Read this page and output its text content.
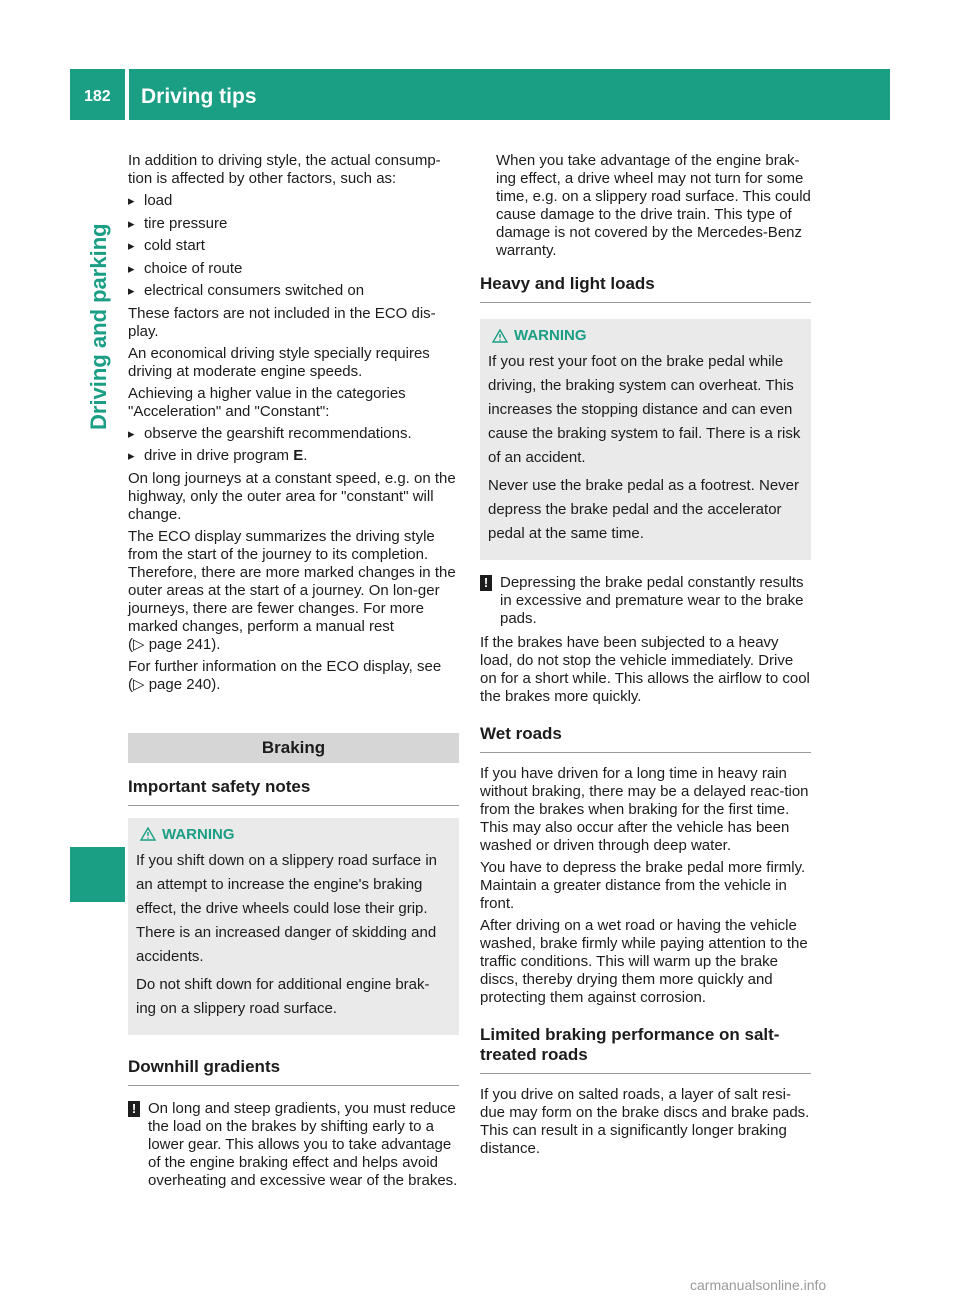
182 Driving tips
Driving and parking

In addition to driving style, the actual consump-tion is affected by other factors, such as:

▸ load
▸ tire pressure
▸ cold start
▸ choice of route
▸ electrical consumers switched on

These factors are not included in the ECO dis-play.

An economical driving style specially requires driving at moderate engine speeds.

Achieving a higher value in the categories "Acceleration" and "Constant":

▸ observe the gearshift recommendations.
▸ drive in drive program E.

On long journeys at a constant speed, e.g. on the highway, only the outer area for "constant" will change.

The ECO display summarizes the driving style from the start of the journey to its completion. Therefore, there are more marked changes in the outer areas at the start of a journey. On lon-ger journeys, there are fewer changes. For more marked changes, perform a manual rest
(▷ page 241).

For further information on the ECO display, see
(▷ page 240).

Braking
Important safety notes
WARNING

If you shift down on a slippery road surface in an attempt to increase the engine's braking effect, the drive wheels could lose their grip. There is an increased danger of skidding and accidents.

Do not shift down for additional engine brak-ing on a slippery road surface.

Downhill gradients
! On long and steep gradients, you must reduce the load on the brakes by shifting early to a lower gear. This allows you to take advantage of the engine braking effect and helps avoid overheating and excessive wear of the brakes.

When you take advantage of the engine brak-ing effect, a drive wheel may not turn for some time, e.g. on a slippery road surface. This could cause damage to the drive train. This type of damage is not covered by the Mercedes-Benz warranty.

Heavy and light loads
WARNING

If you rest your foot on the brake pedal while driving, the braking system can overheat. This increases the stopping distance and can even cause the braking system to fail. There is a risk of an accident.

Never use the brake pedal as a footrest. Never depress the brake pedal and the accelerator pedal at the same time.

! Depressing the brake pedal constantly results in excessive and premature wear to the brake pads.

If the brakes have been subjected to a heavy load, do not stop the vehicle immediately. Drive on for a short while. This allows the airflow to cool the brakes more quickly.

Wet roads

If you have driven for a long time in heavy rain without braking, there may be a delayed reac-tion from the brakes when braking for the first time. This may also occur after the vehicle has been washed or driven through deep water.

You have to depress the brake pedal more firmly. Maintain a greater distance from the vehicle in front.

After driving on a wet road or having the vehicle washed, brake firmly while paying attention to the traffic conditions. This will warm up the brake discs, thereby drying them more quickly and protecting them against corrosion.

Limited braking performance on salt-treated roads

If you drive on salted roads, a layer of salt resi-due may form on the brake discs and brake pads. This can result in a significantly longer braking distance.

carmanualsonline.info
